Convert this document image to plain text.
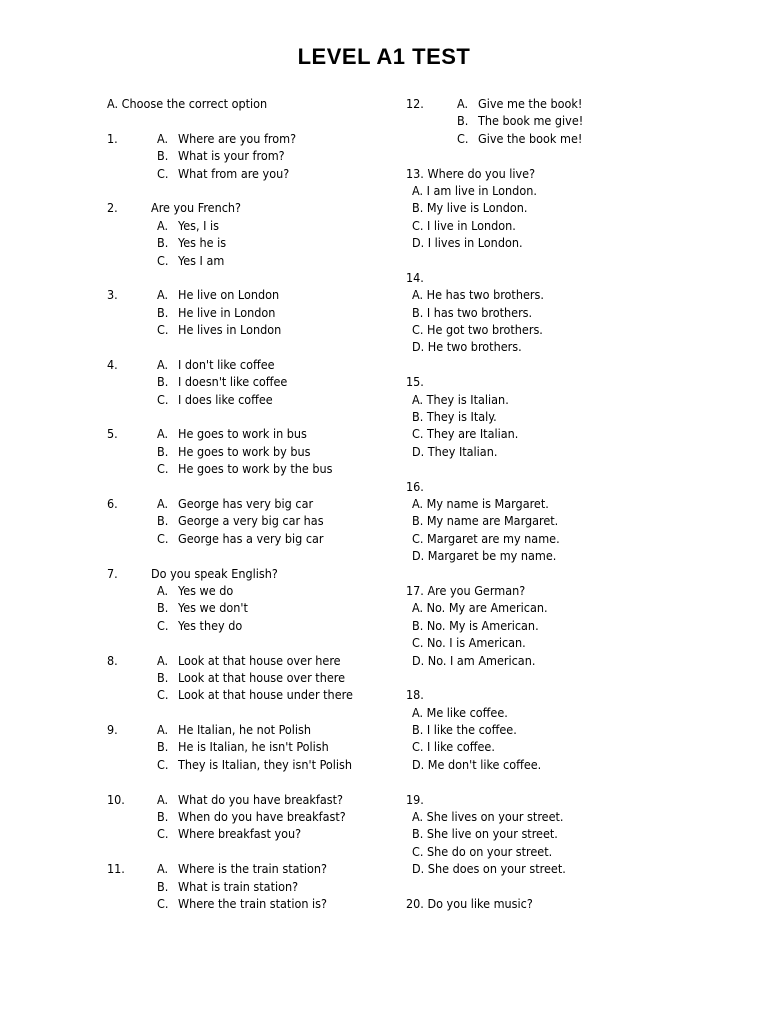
LEVEL A1 TEST
A. Choose the correct option
1.	A. Where are you from?
B. What is your from?
C. What from are you?
2.	Are you French?
A. Yes, I is
B. Yes he is
C. Yes I am
3.	A. He live on London
B. He live in London
C. He lives in London
4.	A. I don't like coffee
B. I doesn't like coffee
C. I does like coffee
5.	A. He goes to work in bus
B. He goes to work by bus
C. He goes to work by the bus
6.	A. George has very big car
B. George a very big car has
C. George has a very big car
7.	Do you speak English?
A. Yes we do
B. Yes we don't
C. Yes they do
8.	A. Look at that house over here
B. Look at that house over there
C. Look at that house under there
9.	A. He Italian, he not Polish
B. He is Italian, he isn't Polish
C. They is Italian, they isn't Polish
10.	A. What do you have breakfast?
B. When do you have breakfast?
C. Where breakfast you?
11.	A. Where is the train station?
B. What is train station?
C. Where the train station is?
12.	A. Give me the book!
B. The book me give!
C. Give the book me!
13. Where do you live?
A. I am live in London.
B. My live is London.
C. I live in London.
D. I lives in London.
14.
A. He has two brothers.
B. I has two brothers.
C. He got two brothers.
D. He two brothers.
15.
A. They is Italian.
B. They is Italy.
C. They are Italian.
D. They Italian.
16.
A. My name is Margaret.
B. My name are Margaret.
C. Margaret are my name.
D. Margaret be my name.
17. Are you German?
A. No. My are American.
B. No. My is American.
C. No. I is American.
D. No. I am American.
18.
A. Me like coffee.
B. I like the coffee.
C. I like coffee.
D. Me don't like coffee.
19.
A. She lives on your street.
B. She live on your street.
C. She do on your street.
D. She does on your street.
20. Do you like music?
